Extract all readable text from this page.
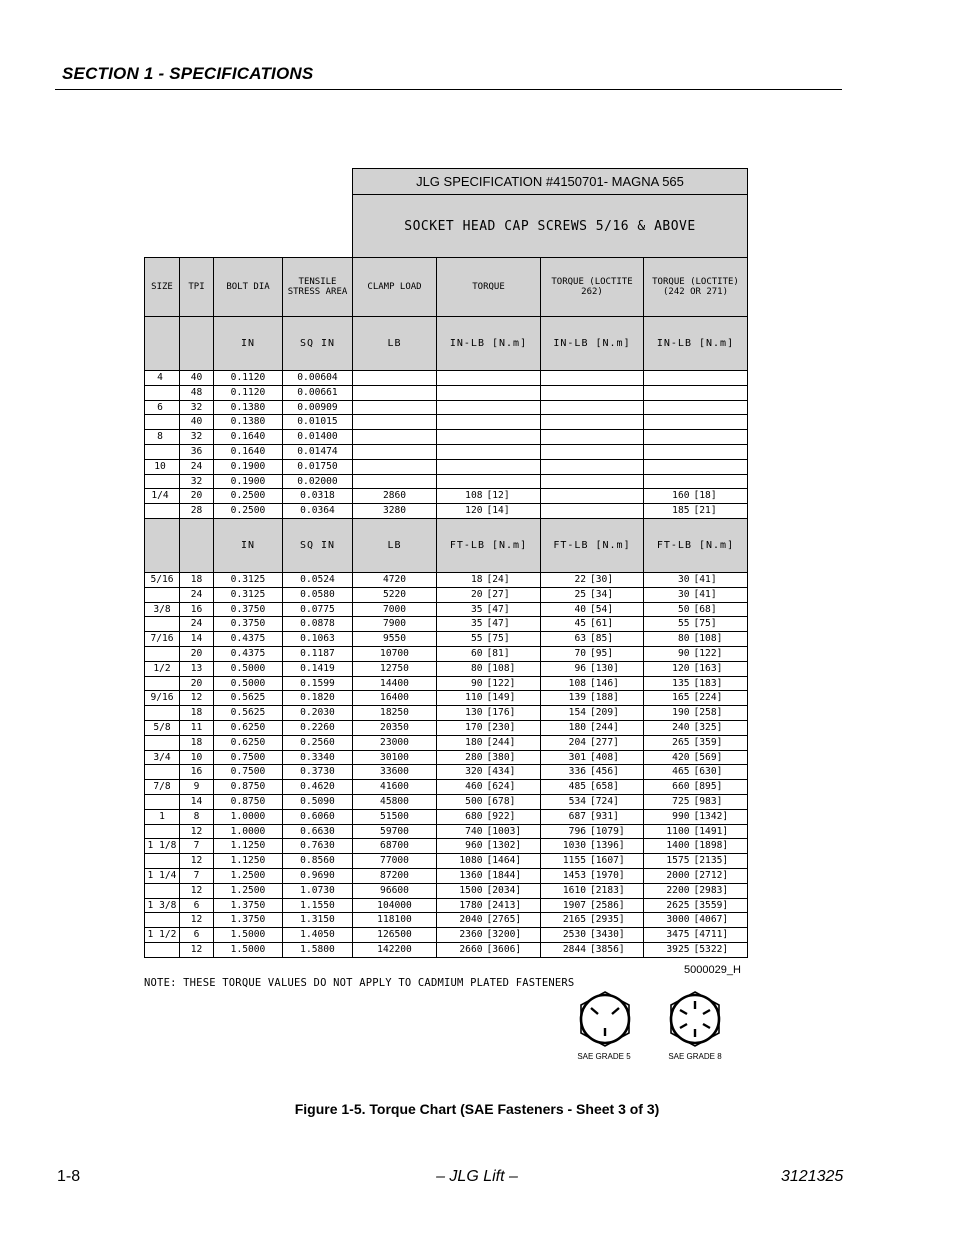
SECTION 1 - SPECIFICATIONS
				JLG SPECIFICATION #4150701- MAGNA 565			
				SOCKET HEAD CAP SCREWS 5/16 & ABOVE			
SIZE	TPI	BOLT DIA	TENSILE STRESS AREA	CLAMP LOAD	TORQUE	TORQUE (LOCTITE 262)	TORQUE (LOCTITE) (242 OR 271)
		IN	SQ IN	LB	IN-LB [N.m]	IN-LB [N.m]	IN-LB [N.m]
4	40	0.1120	0.00604				
	48	0.1120	0.00661				
6	32	0.1380	0.00909				
	40	0.1380	0.01015				
8	32	0.1640	0.01400				
	36	0.1640	0.01474				
10	24	0.1900	0.01750				
	32	0.1900	0.02000				
1/4	20	0.2500	0.0318	2860	108 [12]		160 [18]
	28	0.2500	0.0364	3280	120 [14]		185 [21]
		IN	SQ IN	LB	FT-LB [N.m]	FT-LB [N.m]	FT-LB [N.m]
5/16	18	0.3125	0.0524	4720	18 [24]	22 [30]	30 [41]
	24	0.3125	0.0580	5220	20 [27]	25 [34]	30 [41]
3/8	16	0.3750	0.0775	7000	35 [47]	40 [54]	50 [68]
	24	0.3750	0.0878	7900	35 [47]	45 [61]	55 [75]
7/16	14	0.4375	0.1063	9550	55 [75]	63 [85]	80 [108]
	20	0.4375	0.1187	10700	60 [81]	70 [95]	90 [122]
1/2	13	0.5000	0.1419	12750	80 [108]	96 [130]	120 [163]
	20	0.5000	0.1599	14400	90 [122]	108 [146]	135 [183]
9/16	12	0.5625	0.1820	16400	110 [149]	139 [188]	165 [224]
	18	0.5625	0.2030	18250	130 [176]	154 [209]	190 [258]
5/8	11	0.6250	0.2260	20350	170 [230]	180 [244]	240 [325]
	18	0.6250	0.2560	23000	180 [244]	204 [277]	265 [359]
3/4	10	0.7500	0.3340	30100	280 [380]	301 [408]	420 [569]
	16	0.7500	0.3730	33600	320 [434]	336 [456]	465 [630]
7/8	9	0.8750	0.4620	41600	460 [624]	485 [658]	660 [895]
	14	0.8750	0.5090	45800	500 [678]	534 [724]	725 [983]
1	8	1.0000	0.6060	51500	680 [922]	687 [931]	990 [1342]
	12	1.0000	0.6630	59700	740 [1003]	796 [1079]	1100 [1491]
1 1/8	7	1.1250	0.7630	68700	960 [1302]	1030 [1396]	1400 [1898]
	12	1.1250	0.8560	77000	1080 [1464]	1155 [1607]	1575 [2135]
1 1/4	7	1.2500	0.9690	87200	1360 [1844]	1453 [1970]	2000 [2712]
	12	1.2500	1.0730	96600	1500 [2034]	1610 [2183]	2200 [2983]
1 3/8	6	1.3750	1.1550	104000	1780 [2413]	1907 [2586]	2625 [3559]
	12	1.3750	1.3150	118100	2040 [2765]	2165 [2935]	3000 [4067]
1 1/2	6	1.5000	1.4050	126500	2360 [3200]	2530 [3430]	3475 [4711]
	12	1.5000	1.5800	142200	2660 [3606]	2844 [3856]	3925 [5322]
5000029_H
NOTE: THESE TORQUE VALUES DO NOT APPLY TO CADMIUM PLATED FASTENERS
SAE GRADE 5	SAE GRADE 8
Figure 1-5. Torque Chart (SAE Fasteners - Sheet 3 of 3)
1-8	– JLG Lift –	3121325
